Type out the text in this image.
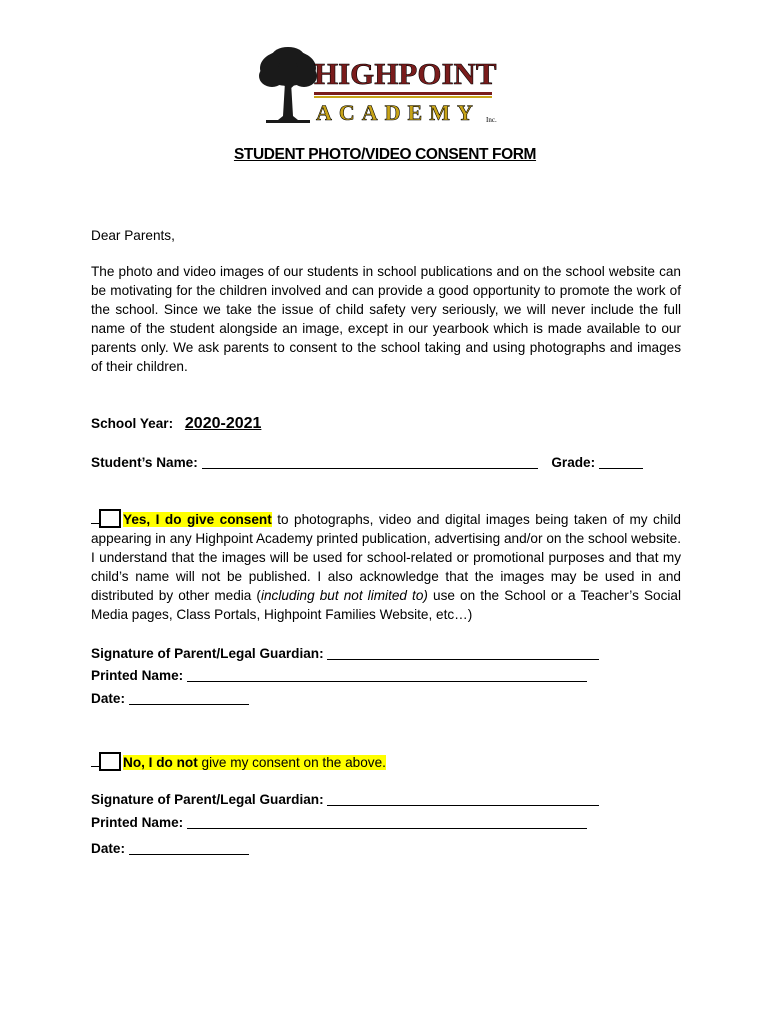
HIGHPOINT
ACADEMY Inc.
STUDENT PHOTO/VIDEO CONSENT FORM
Dear Parents,
The photo and video images of our students in school publications and on the school website can be motivating for the children involved and can provide a good opportunity to promote the work of the school. Since we take the issue of child safety very seriously, we will never include the full name of the student alongside an image, except in our yearbook which is made available to our parents only. We ask parents to consent to the school taking and using photographs and images of their children.
School Year: 2020-2021
Student’s Name:	Grade:
Yes, I do give consent to photographs, video and digital images being taken of my child appearing in any Highpoint Academy printed publication, advertising and/or on the school website. I understand that the images will be used for school-related or promotional purposes and that my child’s name will not be published. I also acknowledge that the images may be used in and distributed by other media (including but not limited to) use on the School or a Teacher’s Social Media pages, Class Portals, Highpoint Families Website, etc…)
Signature of Parent/Legal Guardian:
Printed Name:
Date:
No, I do not give my consent on the above.
Signature of Parent/Legal Guardian:
Printed Name:
Date:
